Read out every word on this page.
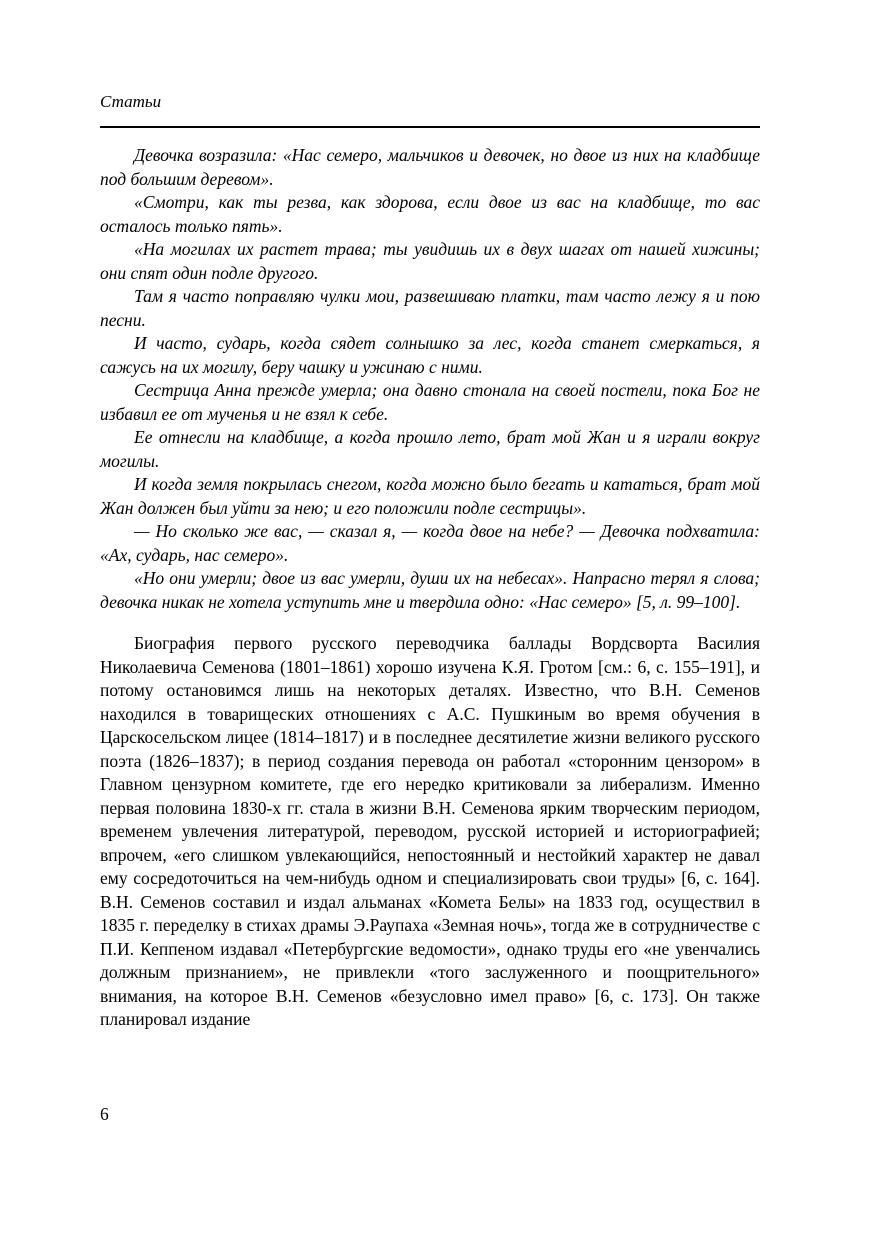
Статьи

Девочка возразила: «Нас семеро, мальчиков и девочек, но двое из них на кладбище под большим деревом».

«Смотри, как ты резва, как здорова, если двое из вас на кладбище, то вас осталось только пять».

«На могилах их растет трава; ты увидишь их в двух шагах от нашей хижины; они спят один подле другого.

Там я часто поправляю чулки мои, развешиваю платки, там часто лежу я и пою песни.

И часто, сударь, когда сядет солнышко за лес, когда станет смеркаться, я сажусь на их могилу, беру чашку и ужинаю с ними.

Сестрица Анна прежде умерла; она давно стонала на своей постели, пока Бог не избавил ее от мученья и не взял к себе.

Ее отнесли на кладбище, а когда прошло лето, брат мой Жан и я играли вокруг могилы.

И когда земля покрылась снегом, когда можно было бегать и кататься, брат мой Жан должен был уйти за нею; и его положили подле сестрицы».

— Но сколько же вас, — сказал я, — когда двое на небе? — Девочка подхватила: «Ах, сударь, нас семеро».

«Но они умерли; двое из вас умерли, души их на небесах». Напрасно терял я слова; девочка никак не хотела уступить мне и твердила одно: «Нас семеро» [5, л. 99–100].

Биография первого русского переводчика баллады Вордсворта Василия Николаевича Семенова (1801–1861) хорошо изучена К.Я. Гротом [см.: 6, с. 155–191], и потому остановимся лишь на некоторых деталях. Известно, что В.Н. Семенов находился в товарищеских отношениях с А.С. Пушкиным во время обучения в Царскосельском лицее (1814–1817) и в последнее десятилетие жизни великого русского поэта (1826–1837); в период создания перевода он работал «сторонним цензором» в Главном цензурном комитете, где его нередко критиковали за либерализм. Именно первая половина 1830-х гг. стала в жизни В.Н. Семенова ярким творческим периодом, временем увлечения литературой, переводом, русской историей и историографией; впрочем, «его слишком увлекающийся, непостоянный и нестойкий характер не давал ему сосредоточиться на чем-нибудь одном и специализировать свои труды» [6, с. 164]. В.Н. Семенов составил и издал альманах «Комета Белы» на 1833 год, осуществил в 1835 г. переделку в стихах драмы Э.Раупаха «Земная ночь», тогда же в сотрудничестве с П.И. Кеппеном издавал «Петербургские ведомости», однако труды его «не увенчались должным признанием», не привлекли «того заслуженного и поощрительного» внимания, на которое В.Н. Семенов «безусловно имел право» [6, с. 173]. Он также планировал издание

6
